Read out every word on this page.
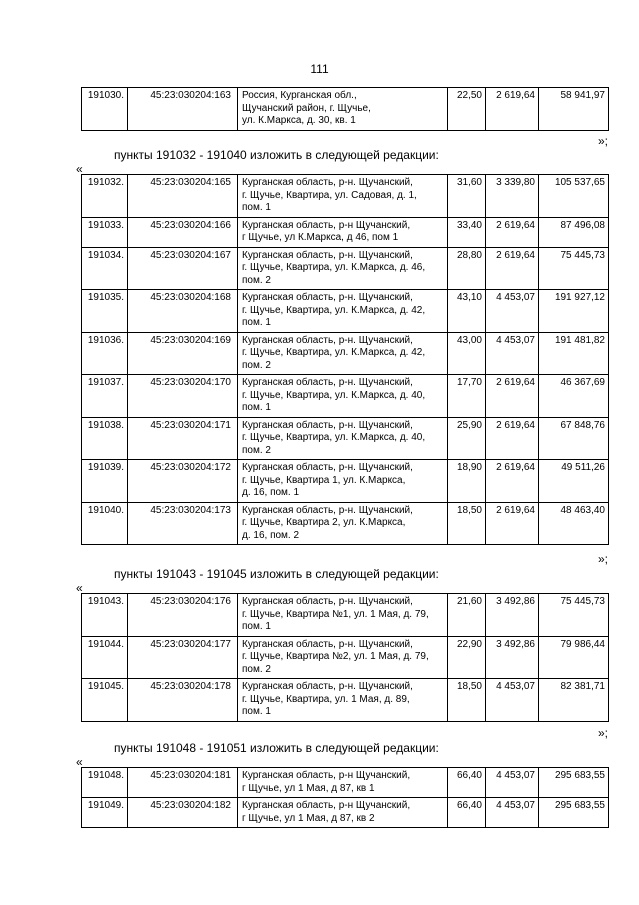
111
191030.	45:23:030204:163	Россия, Курганская обл.,
Щучанский район, г. Щучье,
ул. К.Маркса, д. 30, кв. 1
	22,50	2 619,64	58 941,97
»;
пункты 191032 - 191040 изложить в следующей редакции:
«
191032.	45:23:030204:165	Курганская область, р-н. Щучанский,
г. Щучье, Квартира, ул. Садовая, д. 1,
пом. 1	31,60	3 339,80	105 537,65
191033.	45:23:030204:166	Курганская область, р-н Щучанский,
г Щучье, ул К.Маркса, д 46, пом 1	33,40	2 619,64	87 496,08
191034.	45:23:030204:167	Курганская область, р-н. Щучанский,
г. Щучье, Квартира, ул. К.Маркса, д. 46,
пом. 2	28,80	2 619,64	75 445,73
191035.	45:23:030204:168	Курганская область, р-н. Щучанский,
г. Щучье, Квартира, ул. К.Маркса, д. 42,
пом. 1	43,10	4 453,07	191 927,12
191036.	45:23:030204:169	Курганская область, р-н. Щучанский,
г. Щучье, Квартира, ул. К.Маркса, д. 42,
пом. 2	43,00	4 453,07	191 481,82
191037.	45:23:030204:170	Курганская область, р-н. Щучанский,
г. Щучье, Квартира, ул. К.Маркса, д. 40,
пом. 1	17,70	2 619,64	46 367,69
191038.	45:23:030204:171	Курганская область, р-н. Щучанский,
г. Щучье, Квартира, ул. К.Маркса, д. 40,
пом. 2	25,90	2 619,64	67 848,76
191039.	45:23:030204:172	Курганская область, р-н. Щучанский,
г. Щучье, Квартира 1, ул. К.Маркса,
д. 16, пом. 1	18,90	2 619,64	49 511,26
191040.	45:23:030204:173	Курганская область, р-н. Щучанский,
г. Щучье, Квартира 2, ул. К.Маркса,
д. 16, пом. 2	18,50	2 619,64	48 463,40
»;
пункты 191043 - 191045 изложить в следующей редакции:
«
191043.	45:23:030204:176	Курганская область, р-н. Щучанский,
г. Щучье, Квартира №1, ул. 1 Мая, д. 79,
пом. 1	21,60	3 492,86	75 445,73
191044.	45:23:030204:177	Курганская область, р-н. Щучанский,
г. Щучье, Квартира №2, ул. 1 Мая, д. 79,
пом. 2	22,90	3 492,86	79 986,44
191045.	45:23:030204:178	Курганская область, р-н. Щучанский,
г. Щучье, Квартира, ул. 1 Мая, д. 89,
пом. 1	18,50	4 453,07	82 381,71
»;
пункты 191048 - 191051 изложить в следующей редакции:
«
191048.	45:23:030204:181	Курганская область, р-н Щучанский,
г Щучье, ул 1 Мая, д 87, кв 1	66,40	4 453,07	295 683,55
191049.	45:23:030204:182	Курганская область, р-н Щучанский,
г Щучье, ул 1 Мая, д 87, кв 2	66,40	4 453,07	295 683,55
